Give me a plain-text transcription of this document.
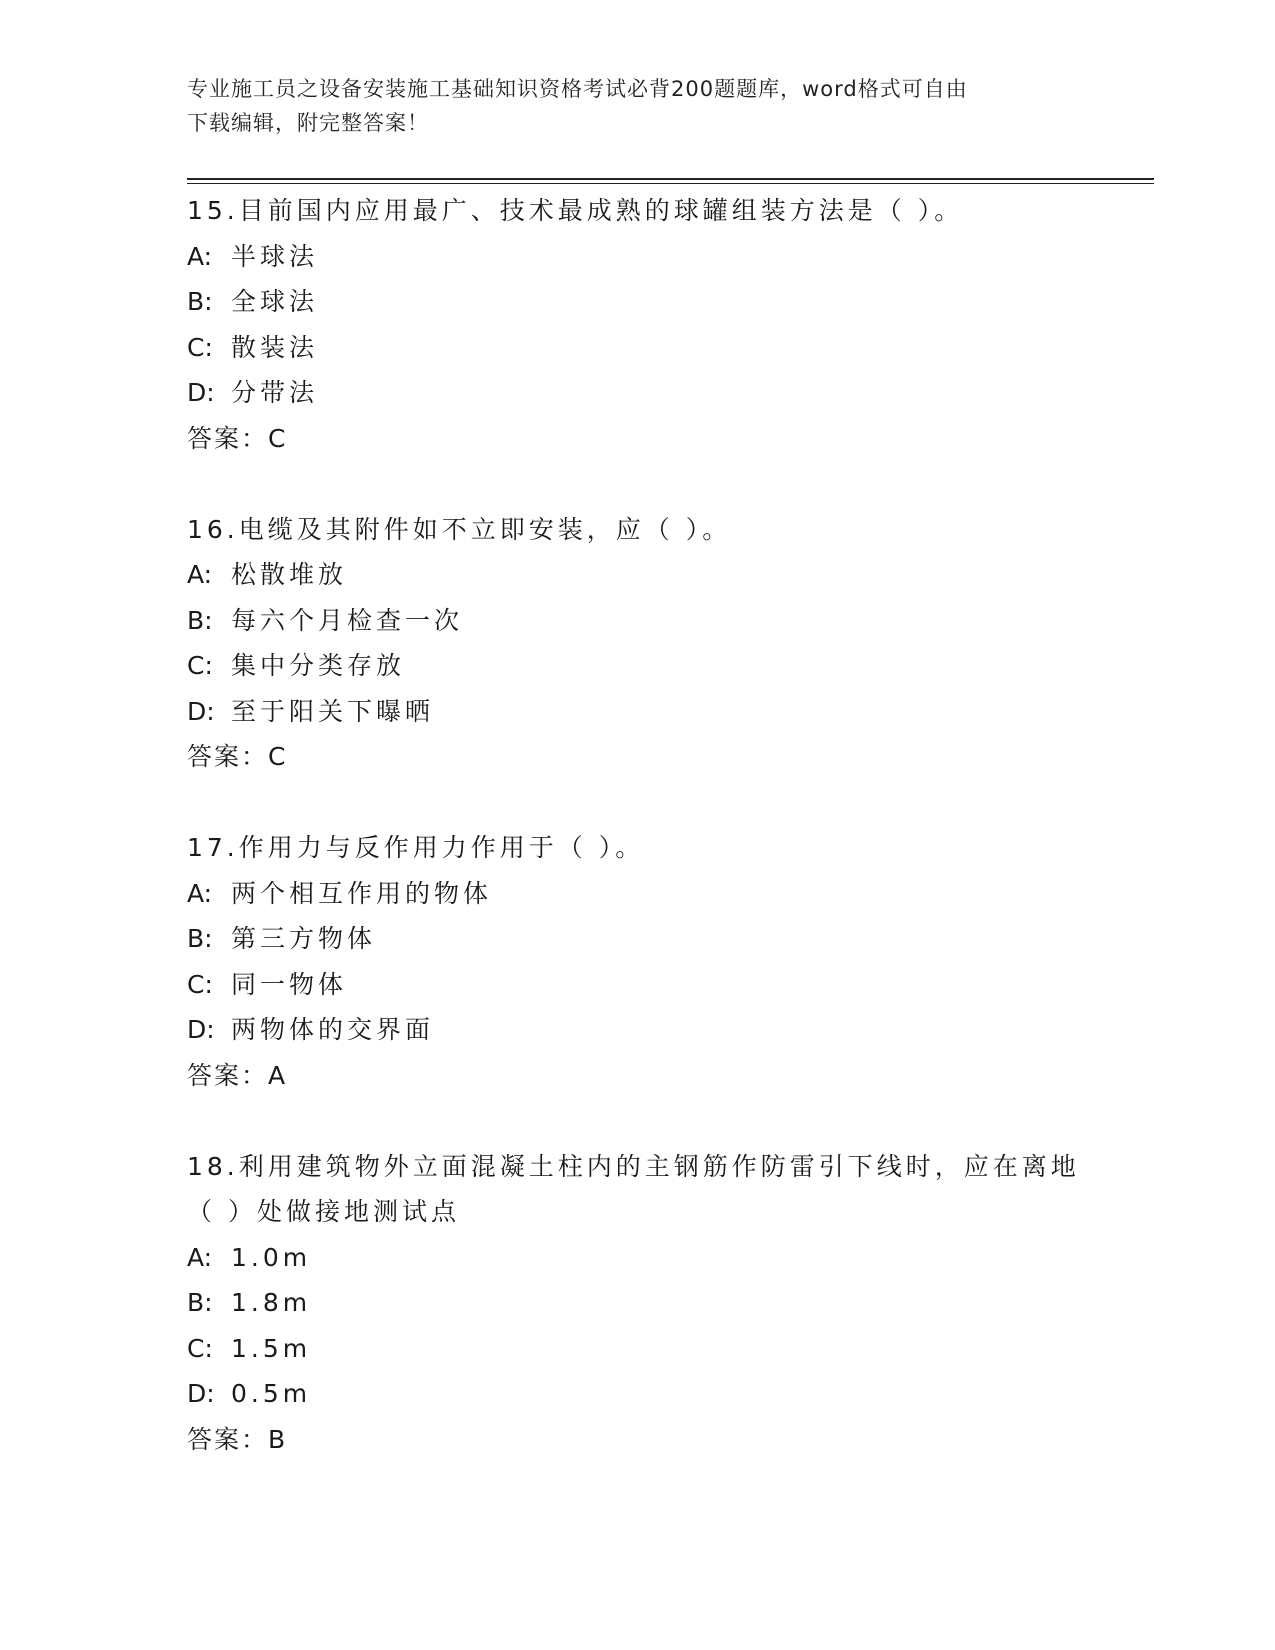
专业施工员之设备安装施工基础知识资格考试必背200题题库，word格式可自由
下载编辑，附完整答案！
15.目前国内应用最广、技术最成熟的球罐组装方法是（ ）。
A: 半球法
B: 全球法
C: 散装法
D: 分带法
答案：C
16.电缆及其附件如不立即安装，应（ ）。
A: 松散堆放
B: 每六个月检查一次
C: 集中分类存放
D: 至于阳关下曝晒
答案：C
17.作用力与反作用力作用于（ ）。
A: 两个相互作用的物体
B: 第三方物体
C: 同一物体
D: 两物体的交界面
答案：A
18.利用建筑物外立面混凝土柱内的主钢筋作防雷引下线时，应在离地
（ ）处做接地测试点
A: 1.0m
B: 1.8m
C: 1.5m
D: 0.5m
答案：B
